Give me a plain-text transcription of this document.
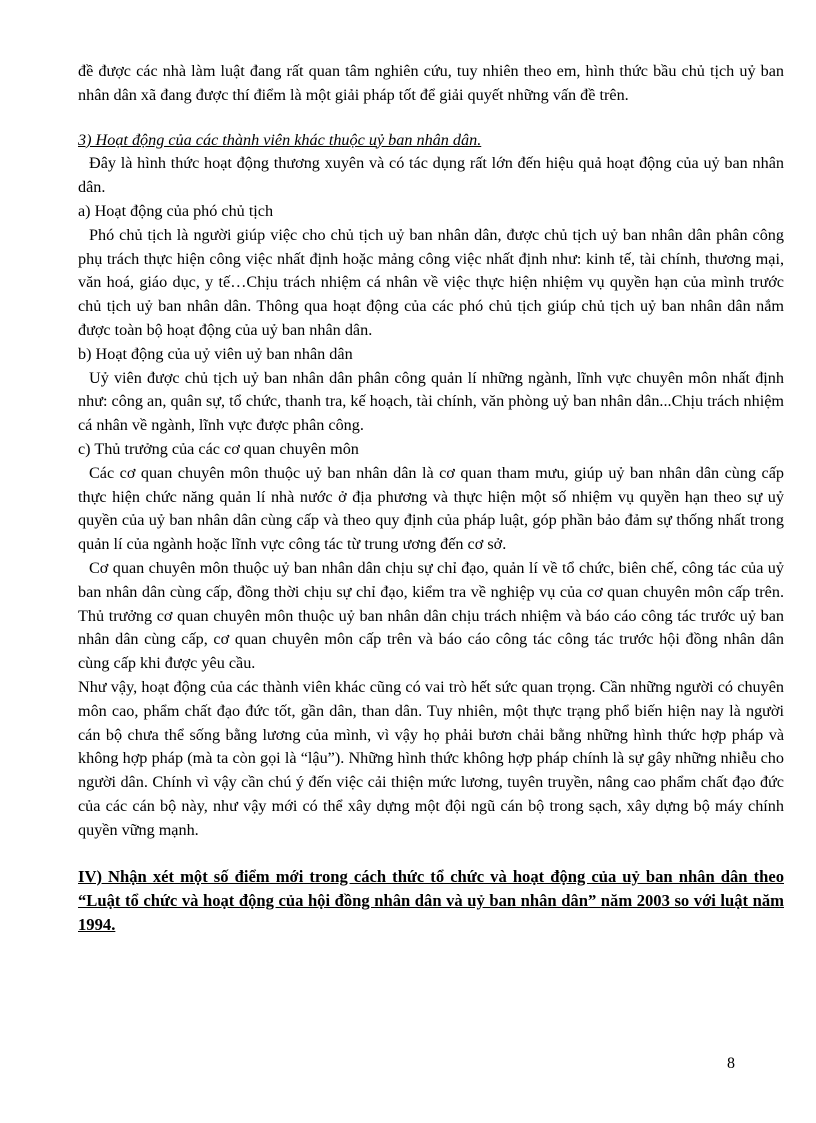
đề được các nhà làm luật đang rất quan tâm nghiên cứu, tuy nhiên theo em, hình thức bầu chủ tịch uỷ ban nhân dân xã đang được thí điểm là một giải pháp tốt để giải quyết những vấn đề trên.

3) Hoạt động của các thành viên khác thuộc uỷ ban nhân dân.

Đây là hình thức hoạt động thương xuyên và có tác dụng rất lớn đến hiệu quả hoạt động của uỷ ban nhân dân.

a) Hoạt động của phó chủ tịch

Phó chủ tịch là người giúp việc cho chủ tịch uỷ ban nhân dân, được chủ tịch uỷ ban nhân dân phân công phụ trách thực hiện công việc nhất định hoặc mảng công việc nhất định như: kinh tế, tài chính, thương mại, văn hoá, giáo dục, y tế…Chịu trách nhiệm cá nhân về việc thực hiện nhiệm vụ quyền hạn của mình trước chủ tịch uỷ ban nhân dân. Thông qua hoạt động của các phó chủ tịch giúp chủ tịch uỷ ban nhân dân nắm được toàn bộ hoạt động của uỷ ban nhân dân.

b) Hoạt động của uỷ viên uỷ ban nhân dân

Uỷ viên được chủ tịch uỷ ban nhân dân phân công quản lí những ngành, lĩnh vực chuyên môn nhất định như: công an, quân sự, tổ chức, thanh tra, kế hoạch, tài chính, văn phòng uỷ ban nhân dân...Chịu trách nhiệm cá nhân về ngành, lĩnh vực được phân công.

c) Thủ trưởng của các cơ quan chuyên môn

Các cơ quan chuyên môn thuộc uỷ ban nhân dân là cơ quan tham mưu, giúp uỷ ban nhân dân cùng cấp thực hiện chức năng quản lí nhà nước ở địa phương và thực hiện một số nhiệm vụ quyền hạn theo sự uỷ quyền của uỷ ban nhân dân cùng cấp và theo quy định của pháp luật, góp phần bảo đảm sự thống nhất trong quản lí của ngành hoặc lĩnh vực công tác từ trung ương đến cơ sở.

Cơ quan chuyên môn thuộc uỷ ban nhân dân chịu sự chỉ đạo, quản lí về tổ chức, biên chế, công tác của uỷ ban nhân dân cùng cấp, đồng thời chịu sự chỉ đạo, kiểm tra về nghiệp vụ của cơ quan chuyên môn cấp trên. Thủ trưởng cơ quan chuyên môn thuộc uỷ ban nhân dân chịu trách nhiệm và báo cáo công tác trước uỷ ban nhân dân cùng cấp, cơ quan chuyên môn cấp trên và báo cáo công tác công tác trước hội đồng nhân dân cùng cấp khi được yêu cầu.

Như vậy, hoạt động của các thành viên khác cũng có vai trò hết sức quan trọng. Cần những người có chuyên môn cao, phẩm chất đạo đức tốt, gần dân, than dân. Tuy nhiên, một thực trạng phổ biến hiện nay là người cán bộ chưa thể sống bằng lương của mình, vì vậy họ phải bươn chải bằng những hình thức hợp pháp và không hợp pháp (mà ta còn gọi là “lậu”). Những hình thức không hợp pháp chính là sự gây những nhiễu cho người dân. Chính vì vậy cần chú ý đến việc cải thiện mức lương, tuyên truyền, nâng cao phẩm chất đạo đức của các cán bộ này, như vậy mới có thể xây dựng một đội ngũ cán bộ trong sạch, xây dựng bộ máy chính quyền vững mạnh.

IV) Nhận xét một số điểm mới trong cách thức tổ chức và hoạt động của uỷ ban nhân dân theo “Luật tổ chức và hoạt động của hội đồng nhân dân và uỷ ban nhân dân” năm 2003 so với luật năm 1994.

8
